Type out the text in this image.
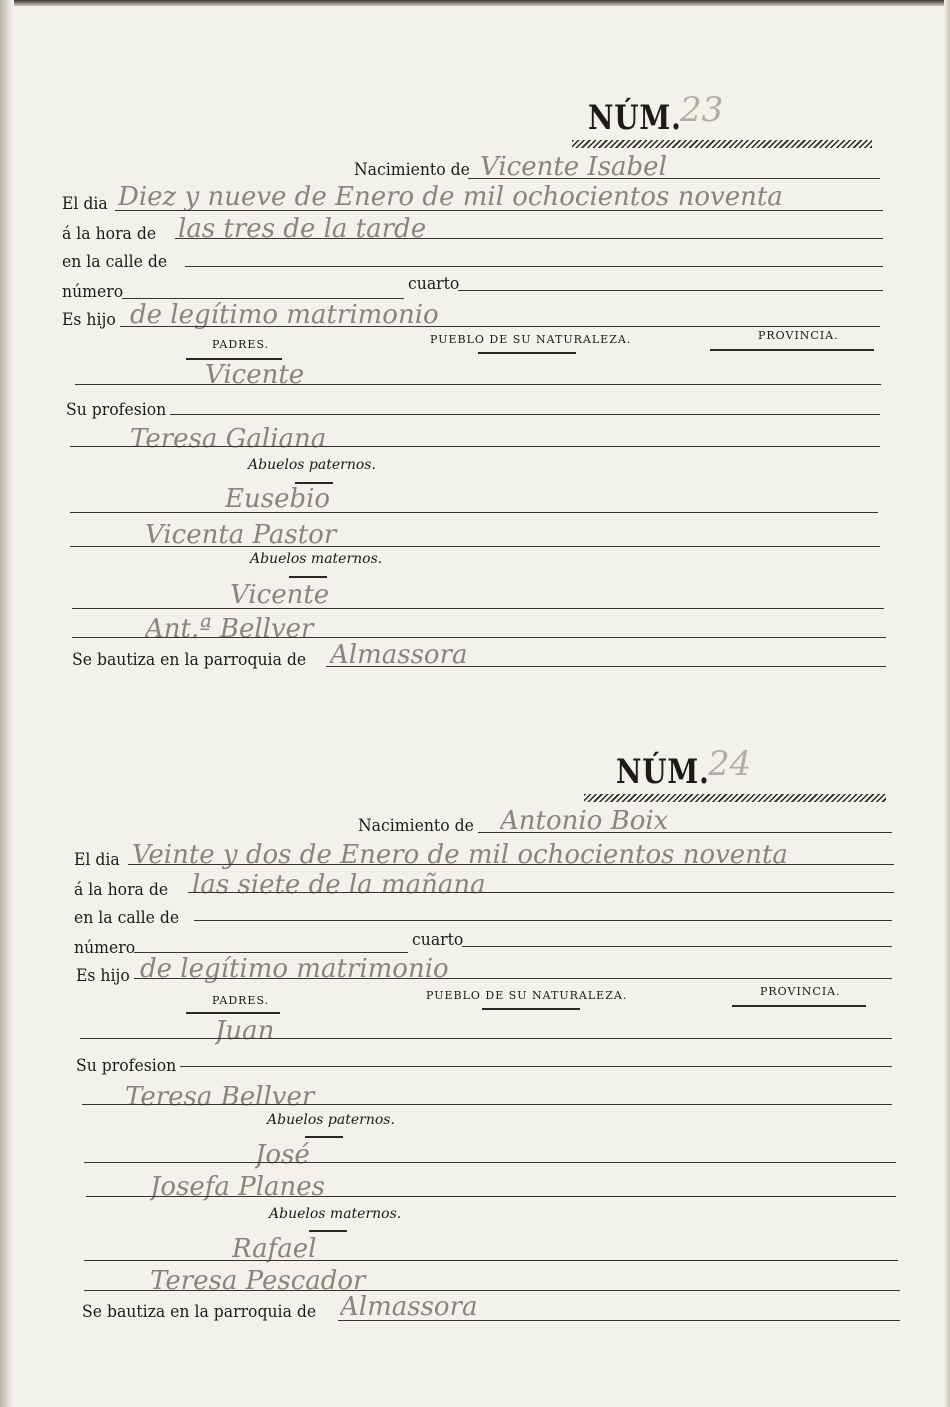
NÚM.
23
Nacimiento de Vicente Isabel
El dia Diez y nueve de Enero de mil ochocientos noventa
á la hora de las tres de la tarde
en la calle de
número	cuarto
Es hijo de legítimo matrimonio
PADRES.	PUEBLO DE SU NATURALEZA.	PROVINCIA.
Vicente
Su profesion
Teresa Galiana
Abuelos paternos.
Eusebio
Vicenta Pastor
Abuelos maternos.
Vicente
Ant.ª Bellver
Se bautiza en la parroquia de Almassora
NÚM.
24
Nacimiento de Antonio Boix
El dia Veinte y dos de Enero de mil ochocientos noventa
á la hora de las siete de la mañana
en la calle de
número	cuarto
Es hijo de legítimo matrimonio
PADRES.	PUEBLO DE SU NATURALEZA.	PROVINCIA.
Juan
Su profesion
Teresa Bellver
Abuelos paternos.
José
Josefa Planes
Abuelos maternos.
Rafael
Teresa Pescador
Se bautiza en la parroquia de Almassora
